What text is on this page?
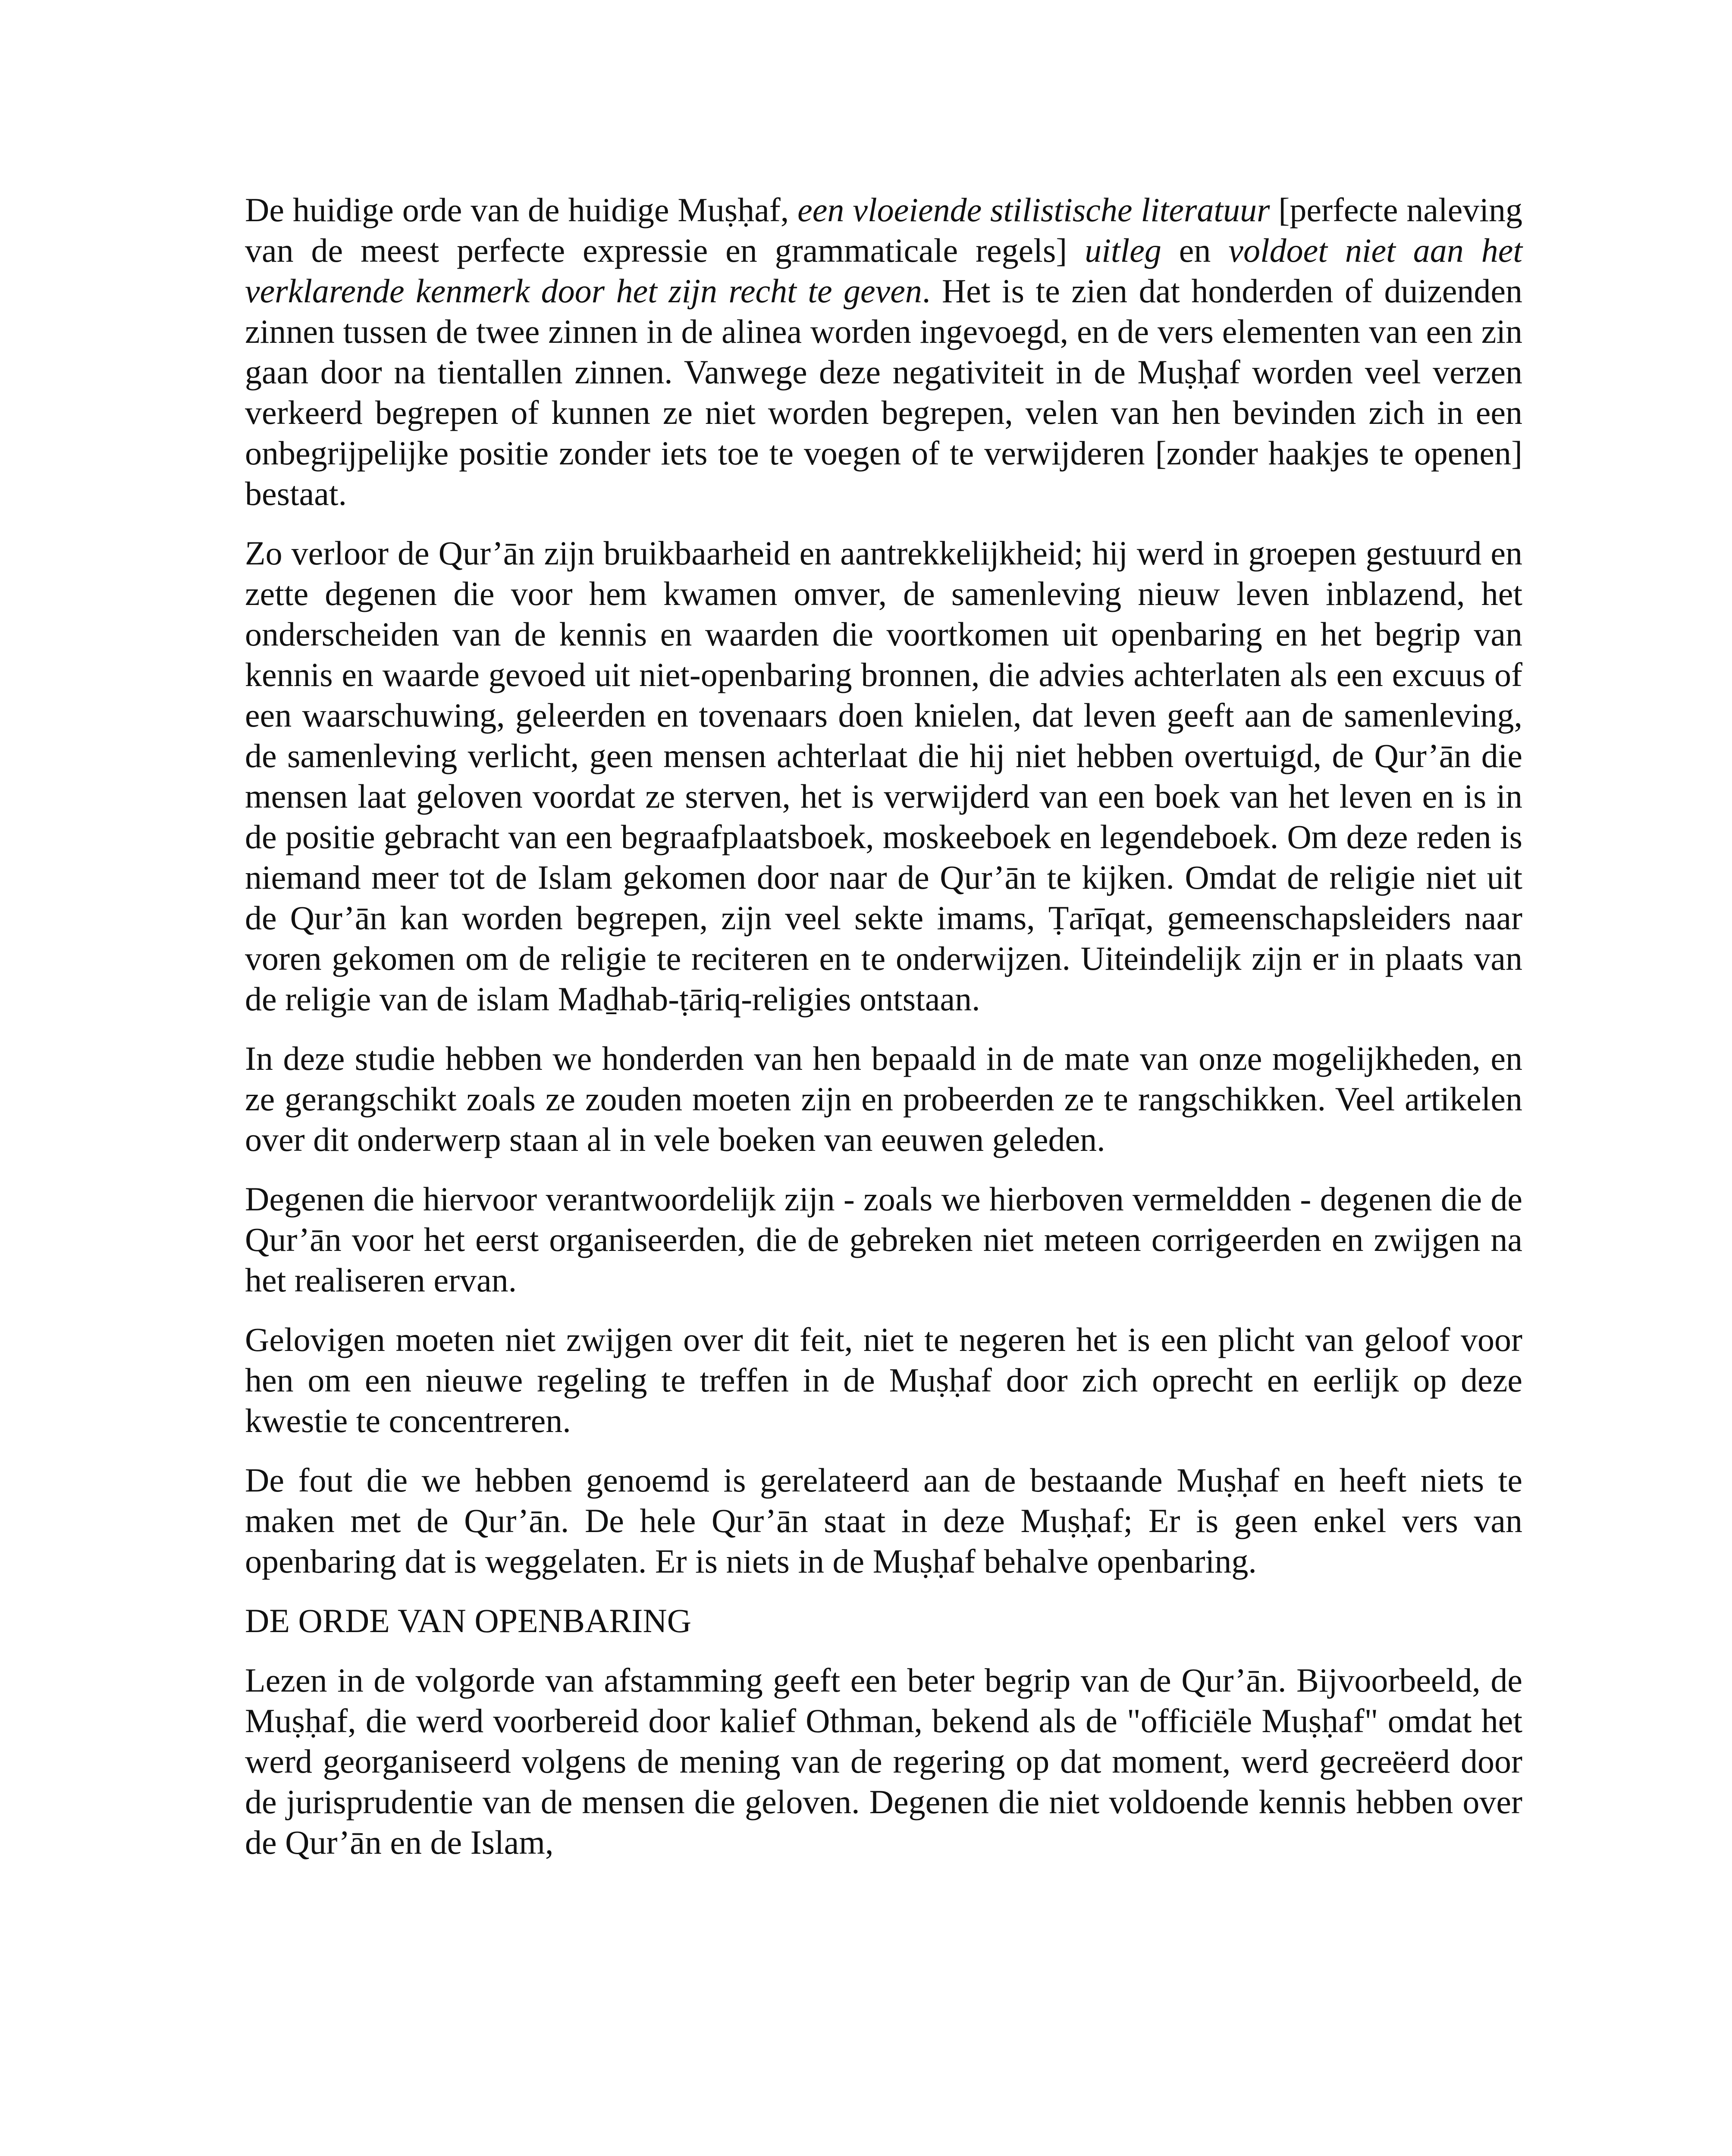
De huidige orde van de huidige Muṣḥaf, een vloeiende stilistische literatuur [perfecte naleving van de meest perfecte expressie en grammaticale regels] uitleg en voldoet niet aan het verklarende kenmerk door het zijn recht te geven. Het is te zien dat honderden of duizenden zinnen tussen de twee zinnen in de alinea worden ingevoegd, en de vers elementen van een zin gaan door na tientallen zinnen. Vanwege deze negativiteit in de Muṣḥaf worden veel verzen verkeerd begrepen of kunnen ze niet worden begrepen, velen van hen bevinden zich in een onbegrijpelijke positie zonder iets toe te voegen of te verwijderen [zonder haakjes te openen] bestaat.

Zo verloor de Qur’ān zijn bruikbaarheid en aantrekkelijkheid; hij werd in groepen gestuurd en zette degenen die voor hem kwamen omver, de samenleving nieuw leven inblazend, het onderscheiden van de kennis en waarden die voortkomen uit openbaring en het begrip van kennis en waarde gevoed uit niet-openbaring bronnen, die advies achterlaten als een excuus of een waarschuwing, geleerden en tovenaars doen knielen, dat leven geeft aan de samenleving, de samenleving verlicht, geen mensen achterlaat die hij niet hebben overtuigd, de Qur’ān die mensen laat geloven voordat ze sterven, het is verwijderd van een boek van het leven en is in de positie gebracht van een begraafplaatsboek, moskeeboek en legendeboek. Om deze reden is niemand meer tot de Islam gekomen door naar de Qur’ān te kijken. Omdat de religie niet uit de Qur’ān kan worden begrepen, zijn veel sekte imams, Ṭarīqat, gemeenschapsleiders naar voren gekomen om de religie te reciteren en te onderwijzen. Uiteindelijk zijn er in plaats van de religie van de islam Maḏhab-ṭāriq-religies ontstaan.

In deze studie hebben we honderden van hen bepaald in de mate van onze mogelijkheden, en ze gerangschikt zoals ze zouden moeten zijn en probeerden ze te rangschikken. Veel artikelen over dit onderwerp staan al in vele boeken van eeuwen geleden.

Degenen die hiervoor verantwoordelijk zijn - zoals we hierboven vermeldden - degenen die de Qur’ān voor het eerst organiseerden, die de gebreken niet meteen corrigeerden en zwijgen na het realiseren ervan.

Gelovigen moeten niet zwijgen over dit feit, niet te negeren het is een plicht van geloof voor hen om een nieuwe regeling te treffen in de Muṣḥaf door zich oprecht en eerlijk op deze kwestie te concentreren.

De fout die we hebben genoemd is gerelateerd aan de bestaande Muṣḥaf en heeft niets te maken met de Qur’ān. De hele Qur’ān staat in deze Muṣḥaf; Er is geen enkel vers van openbaring dat is weggelaten. Er is niets in de Muṣḥaf behalve openbaring.

DE ORDE VAN OPENBARING

Lezen in de volgorde van afstamming geeft een beter begrip van de Qur’ān. Bijvoorbeeld, de Muṣḥaf, die werd voorbereid door kalief Othman, bekend als de "officiële Muṣḥaf" omdat het werd georganiseerd volgens de mening van de regering op dat moment, werd gecreëerd door de jurisprudentie van de mensen die geloven. Degenen die niet voldoende kennis hebben over de Qur’ān en de Islam,
